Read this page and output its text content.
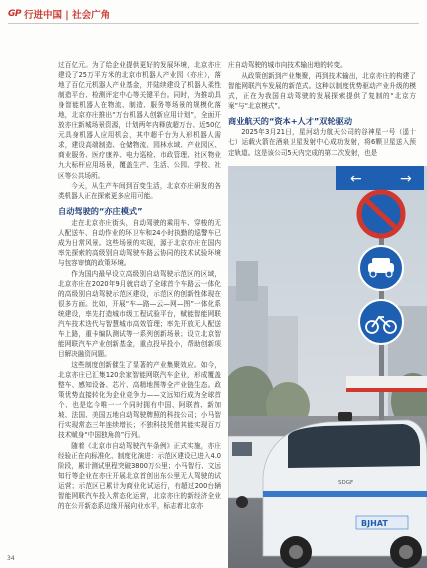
GP 行进中国 | 社会广角

过百亿元。为了给企业提供更好的发展环境，北京亦庄建设了25万平方米的北京市机器人产业园（亦庄），落地了百亿元机器人产业基金，并陆续建设了机器人柔性制造平台、检测评定中心等关键平台。同时，为推动具身智能机器人在物流、制造、服务等场景的规模化落地，北京亦庄推出“万台机器人创新应用计划”，全面开放亦庄新城场景资源，计划两年内释放超万台、近50亿元具身机器人应用机会，其中超千台为人形机器人需求，建设高端制造、仓储物流、园林水域、产业园区、商业服务、医疗康养、电力巡检、市政管理、社区物业九大标杆应用场景，覆盖生产、生活、公园、学校、社区等公共场所。

今天，从生产车间到百变生活，北京亦庄研发的各类机器人正在探索更多应用可能。

自动驾驶的“亦庄模式”

走在北京亦庄街头，自动驾驶的乘用车、穿梭的无人配送车、自动作业的环卫车和24小时执勤的巡警车已成为日常风景。这些场景的实现，源于北京亦庄在国内率先探索的高级别自动驾驶车路云协同的技术试验环境与包容审慎的政策环境。

作为国内最早设立高级别自动驾驶示范区的区域，北京亦庄在2020年9月就启动了全球首个车路云一体化的高级别自动驾驶示范区建设，示范区的创新性体现在很多方面。比如，开展“车—路—云—网—图”一体化系统建设，率先打造城市级工程试验平台，赋能智能网联汽车技术迭代与智慧城市高效管理；率先开放无人配送车上路，重卡编队测试等一系列创新场景；设立北京智能网联汽车产业创新基金，重点投早投小，帮助创新项目解决融资问题。

这些制度创新催生了显著的产业集聚效应。如今，北京亦庄已汇集120余家智能网联汽车企业，形成覆盖整车、感知设备、芯片、高精地图等全产业链生态。政策优势直接转化为企业竞争力——文远知行成为全球首个、也是迄今唯一一个同时拥有中国、阿联酋、新加坡、法国、美国五地自动驾驶牌照的科技公司；小马智行实现常态三年连续增长；不独科技凭借其能实现百万技术赋身“中国独角兽”行列。

随着《北京市自动驾驶汽车条例》正式实施，亦庄经验正在向标准化、制度化演进：示范区建设已进入4.0阶段，累计测试里程突破3800万公里；小马智行、文远知行等企业在亦庄开展北京首创出东公里无人驾驶的试运营；示范区已累计为商业化试运行，有超过200台辆智能网联汽车投入常态化运营，北京亦庄的新经济全业的在公开新态系边缘开展向业水平，标志着北京亦

庄自动驾驶的城市向技术输出地的转变。

从政策创新到产业集聚，再到技术输出，北京亦庄的构建了智能网联汽车发展的新范式。这种以制度优势驱动产业升级的模式，正在为我国自动驾驶的发展探索提供了复制的“北京方案”与“北京模式”。

商业航天的“资本+人才”双轮驱动

2025年3月21日，星河动力航天公司的谷神星一号（遥十七）运载火箭在酒泉卫星发射中心成功发射，将6颗卫星送入预定轨道。这是该公司5天内完成的第二次发射，也是

←	→
SDGF
BJHAT
34
